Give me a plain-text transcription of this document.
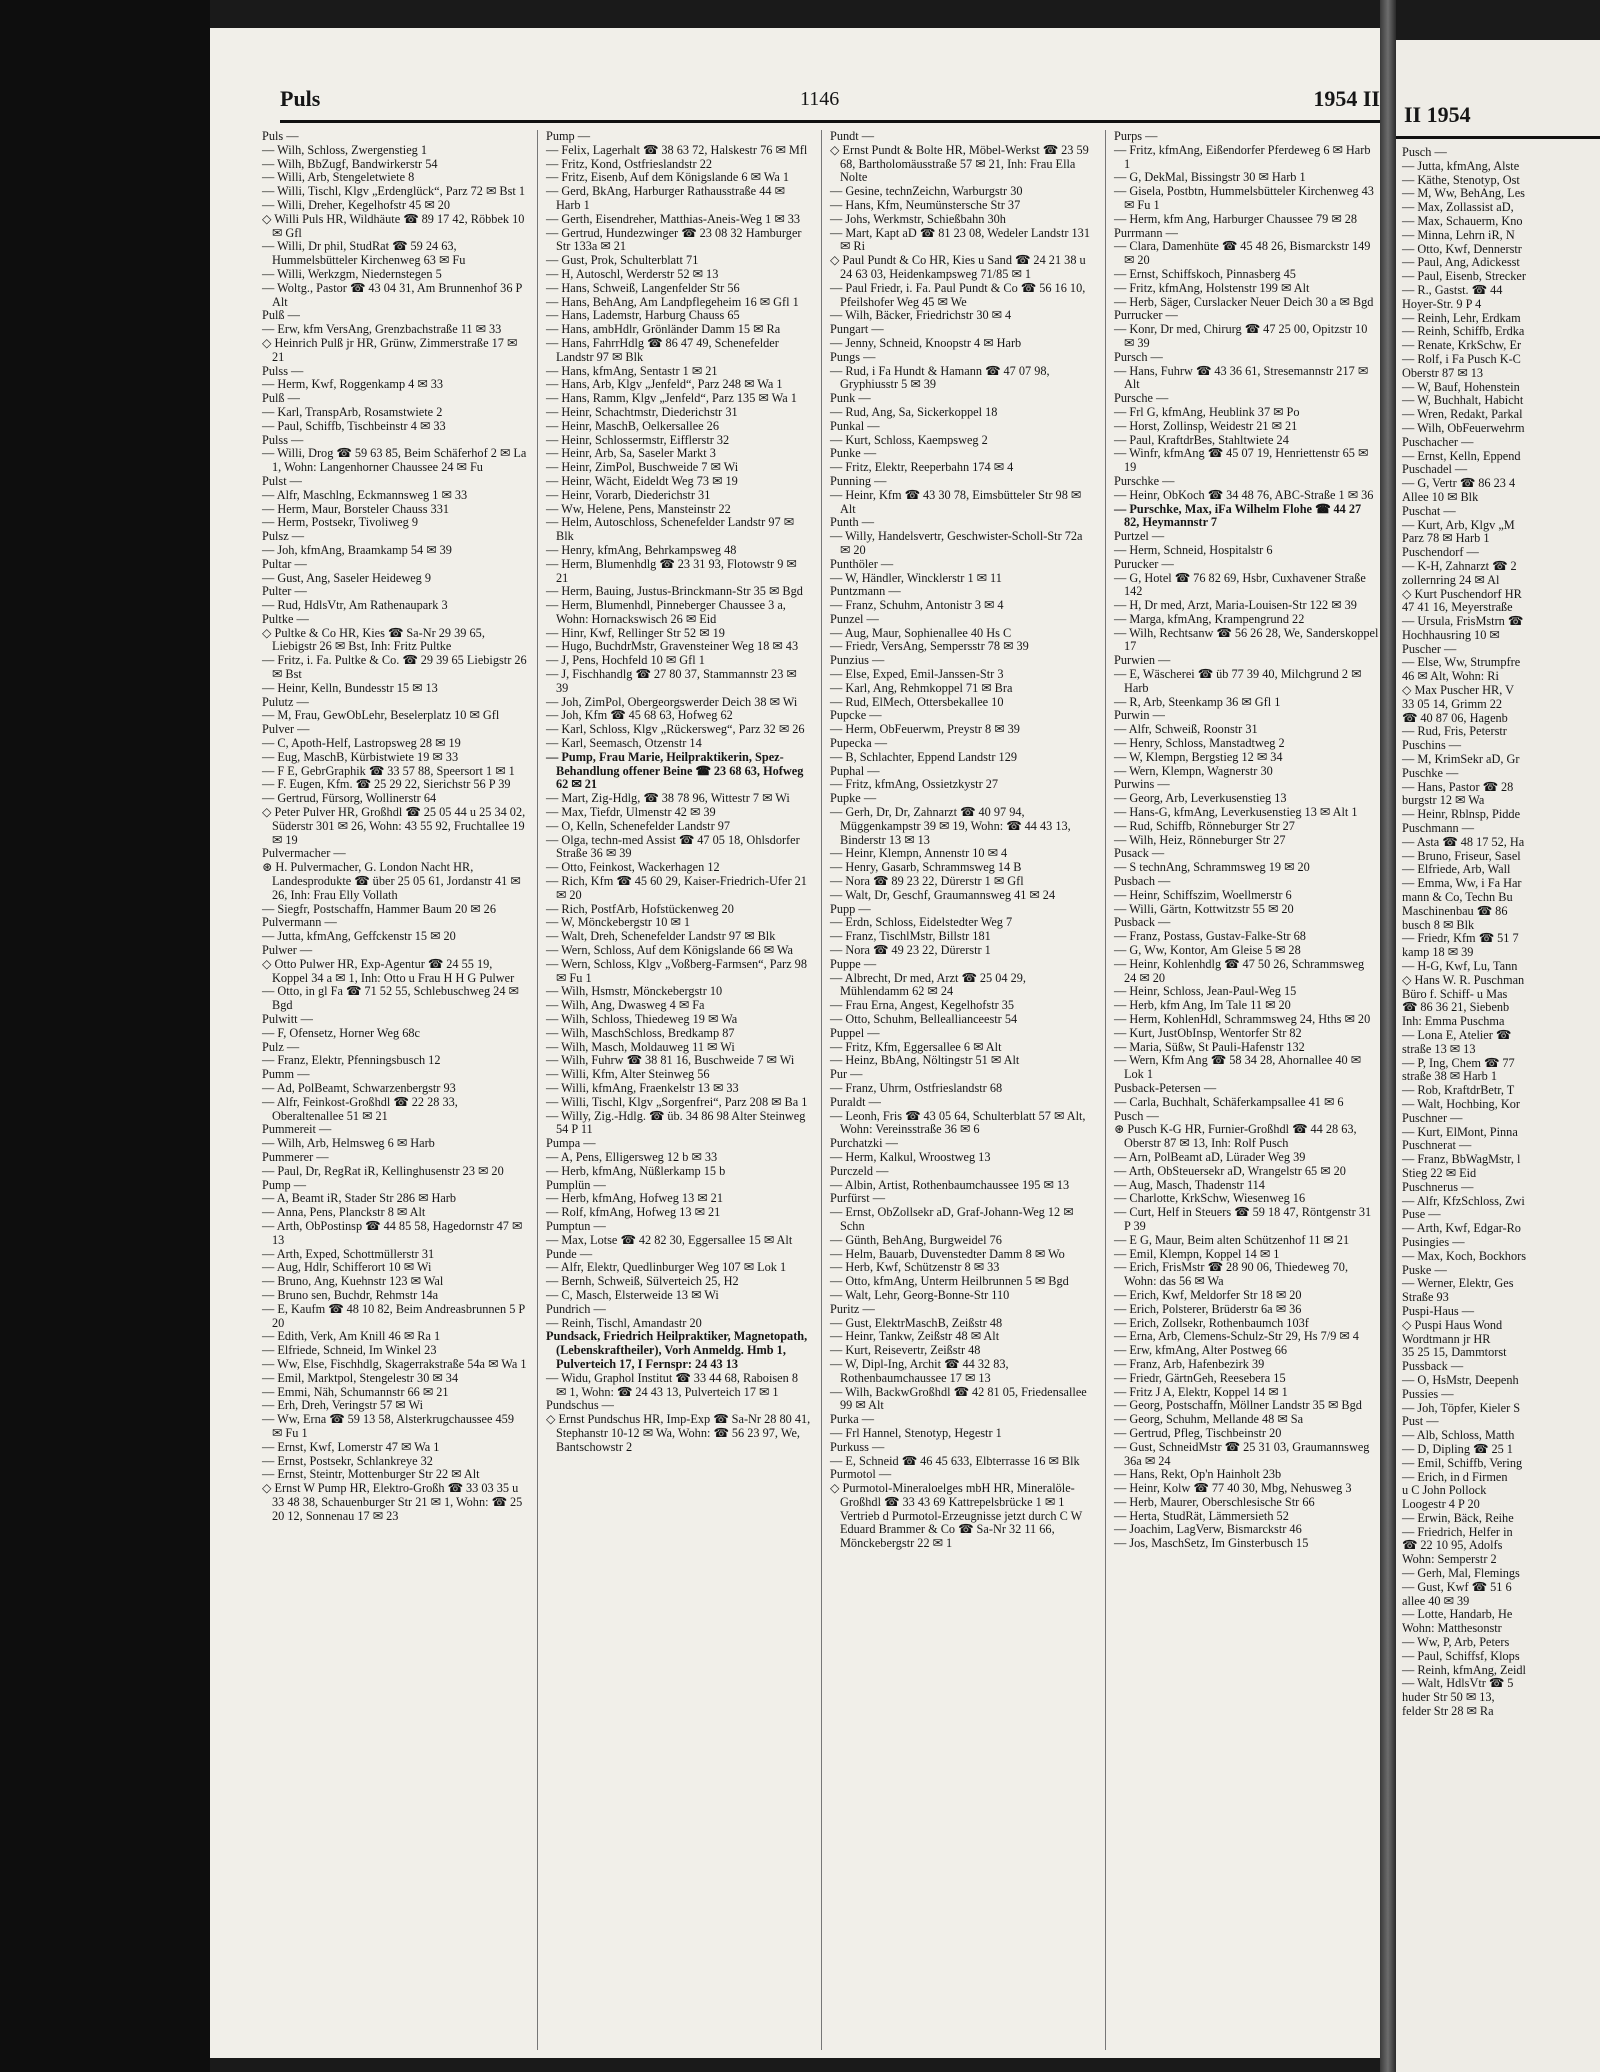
Puls	1146	1954 II

Puls —

— Wilh, Schloss, Zwergenstieg 1

— Wilh, BbZugf, Bandwirkerstr 54

— Willi, Arb, Stengeletwiete 8

— Willi, Tischl, Klgv „Erdenglück“, Parz 72 ✉ Bst 1

— Willi, Dreher, Kegelhofstr 45 ✉ 20

◇ Willi Puls HR, Wildhäute ☎ 89 17 42, Röbbek 10 ✉ Gfl

— Willi, Dr phil, StudRat ☎ 59 24 63, Hummelsbütteler Kirchenweg 63 ✉ Fu

— Willi, Werkzgm, Niedernstegen 5

— Woltg., Pastor ☎ 43 04 31, Am Brunnenhof 36 P Alt

Pulß —

— Erw, kfm VersAng, Grenzbachstraße 11 ✉ 33

◇ Heinrich Pulß jr HR, Grünw, Zimmerstraße 17 ✉ 21

Pulss —

— Herm, Kwf, Roggenkamp 4 ✉ 33

Pulß —

— Karl, TranspArb, Rosamstwiete 2

— Paul, Schiffb, Tischbeinstr 4 ✉ 33

Pulss —

— Willi, Drog ☎ 59 63 85, Beim Schäferhof 2 ✉ La 1, Wohn: Langenhorner Chaussee 24 ✉ Fu

Pulst —

— Alfr, Maschlng, Eckmannsweg 1 ✉ 33

— Herm, Maur, Borsteler Chauss 331

— Herm, Postsekr, Tivoliweg 9

Pulsz —

— Joh, kfmAng, Braamkamp 54 ✉ 39

Pultar —

— Gust, Ang, Saseler Heideweg 9

Pulter —

— Rud, HdlsVtr, Am Rathenaupark 3

Pultke —

◇ Pultke & Co HR, Kies ☎ Sa-Nr 29 39 65, Liebigstr 26 ✉ Bst, Inh: Fritz Pultke

— Fritz, i. Fa. Pultke & Co. ☎ 29 39 65 Liebigstr 26 ✉ Bst

— Heinr, Kelln, Bundesstr 15 ✉ 13

Pulutz —

— M, Frau, GewObLehr, Beselerplatz 10 ✉ Gfl

Pulver —

— C, Apoth-Helf, Lastropsweg 28 ✉ 19

— Eug, MaschB, Kürbistwiete 19 ✉ 33

— F E, GebrGraphik ☎ 33 57 88, Speersort 1 ✉ 1

— F. Eugen, Kfm. ☎ 25 29 22, Sierichstr 56 P 39

— Gertrud, Fürsorg, Wollinerstr 64

◇ Peter Pulver HR, Großhdl ☎ 25 05 44 u 25 34 02, Süderstr 301 ✉ 26, Wohn: 43 55 92, Fruchtallee 19 ✉ 19

Pulvermacher —

⊛ H. Pulvermacher, G. London Nacht HR, Landesprodukte ☎ über 25 05 61, Jordanstr 41 ✉ 26, Inh: Frau Elly Vollath

— Siegfr, Postschaffn, Hammer Baum 20 ✉ 26

Pulvermann —

— Jutta, kfmAng, Geffckenstr 15 ✉ 20

Pulwer —

◇ Otto Pulwer HR, Exp-Agentur ☎ 24 55 19, Koppel 34 a ✉ 1, Inh: Otto u Frau H H G Pulwer

— Otto, in gl Fa ☎ 71 52 55, Schlebuschweg 24 ✉ Bgd

Pulwitt —

— F, Ofensetz, Horner Weg 68c

Pulz —

— Franz, Elektr, Pfenningsbusch 12

Pumm —

— Ad, PolBeamt, Schwarzenbergstr 93

— Alfr, Feinkost-Großhdl ☎ 22 28 33, Oberaltenallee 51 ✉ 21

Pummereit —

— Wilh, Arb, Helmsweg 6 ✉ Harb

Pummerer —

— Paul, Dr, RegRat iR, Kellinghusenstr 23 ✉ 20

Pump —

— A, Beamt iR, Stader Str 286 ✉ Harb

— Anna, Pens, Planckstr 8 ✉ Alt

— Arth, ObPostinsp ☎ 44 85 58, Hagedornstr 47 ✉ 13

— Arth, Exped, Schottmüllerstr 31

— Aug, Hdlr, Schifferort 10 ✉ Wi

— Bruno, Ang, Kuehnstr 123 ✉ Wal

— Bruno sen, Buchdr, Rehmstr 14a

— E, Kaufm ☎ 48 10 82, Beim Andreasbrunnen 5 P 20

— Edith, Verk, Am Knill 46 ✉ Ra 1

— Elfriede, Schneid, Im Winkel 23

— Ww, Else, Fischhdlg, Skagerrakstraße 54a ✉ Wa 1

— Emil, Marktpol, Stengelestr 30 ✉ 34

— Emmi, Näh, Schumannstr 66 ✉ 21

— Erh, Dreh, Veringstr 57 ✉ Wi

— Ww, Erna ☎ 59 13 58, Alsterkrugchaussee 459 ✉ Fu 1

— Ernst, Kwf, Lomerstr 47 ✉ Wa 1

— Ernst, Postsekr, Schlankreye 32

— Ernst, Steintr, Mottenburger Str 22 ✉ Alt

◇ Ernst W Pump HR, Elektro-Großh ☎ 33 03 35 u 33 48 38, Schauenburger Str 21 ✉ 1, Wohn: ☎ 25 20 12, Sonnenau 17 ✉ 23

Pump —

— Felix, Lagerhalt ☎ 38 63 72, Halskestr 76 ✉ Mfl

— Fritz, Kond, Ostfrieslandstr 22

— Fritz, Eisenb, Auf dem Königslande 6 ✉ Wa 1

— Gerd, BkAng, Harburger Rathausstraße 44 ✉ Harb 1

— Gerth, Eisendreher, Matthias-Aneis-Weg 1 ✉ 33

— Gertrud, Hundezwinger ☎ 23 08 32 Hamburger Str 133a ✉ 21

— Gust, Prok, Schulterblatt 71

— H, Autoschl, Werderstr 52 ✉ 13

— Hans, Schweiß, Langenfelder Str 56

— Hans, BehAng, Am Landpflegeheim 16 ✉ Gfl 1

— Hans, Lademstr, Harburg Chauss 65

— Hans, ambHdlr, Grönländer Damm 15 ✉ Ra

— Hans, FahrrHdlg ☎ 86 47 49, Schenefelder Landstr 97 ✉ Blk

— Hans, kfmAng, Sentastr 1 ✉ 21

— Hans, Arb, Klgv „Jenfeld“, Parz 248 ✉ Wa 1

— Hans, Ramm, Klgv „Jenfeld“, Parz 135 ✉ Wa 1

— Heinr, Schachtmstr, Diederichstr 31

— Heinr, MaschB, Oelkersallee 26

— Heinr, Schlossermstr, Eifflerstr 32

— Heinr, Arb, Sa, Saseler Markt 3

— Heinr, ZimPol, Buschweide 7 ✉ Wi

— Heinr, Wächt, Eideldt Weg 73 ✉ 19

— Heinr, Vorarb, Diederichstr 31

— Ww, Helene, Pens, Mansteinstr 22

— Helm, Autoschloss, Schenefelder Landstr 97 ✉ Blk

— Henry, kfmAng, Behrkampsweg 48

— Herm, Blumenhdlg ☎ 23 31 93, Flotowstr 9 ✉ 21

— Herm, Bauing, Justus-Brinckmann-Str 35 ✉ Bgd

— Herm, Blumenhdl, Pinneberger Chaussee 3 a, Wohn: Hornackswisch 26 ✉ Eid

— Hinr, Kwf, Rellinger Str 52 ✉ 19

— Hugo, BuchdrMstr, Gravensteiner Weg 18 ✉ 43

— J, Pens, Hochfeld 10 ✉ Gfl 1

— J, Fischhandlg ☎ 27 80 37, Stammannstr 23 ✉ 39

— Joh, ZimPol, Obergeorgswerder Deich 38 ✉ Wi

— Joh, Kfm ☎ 45 68 63, Hofweg 62

— Karl, Schloss, Klgv „Rückersweg“, Parz 32 ✉ 26

— Karl, Seemasch, Otzenstr 14

— Pump, Frau Marie, Heilpraktikerin, Spez-Behandlung offener Beine ☎ 23 68 63, Hofweg 62 ✉ 21

— Mart, Zig-Hdlg, ☎ 38 78 96, Wittestr 7 ✉ Wi

— Max, Tiefdr, Ulmenstr 42 ✉ 39

— O, Kelln, Schenefelder Landstr 97

— Olga, techn-med Assist ☎ 47 05 18, Ohlsdorfer Straße 36 ✉ 39

— Otto, Feinkost, Wackerhagen 12

— Rich, Kfm ☎ 45 60 29, Kaiser-Friedrich-Ufer 21 ✉ 20

— Rich, PostfArb, Hofstückenweg 20

— W, Mönckebergstr 10 ✉ 1

— Walt, Dreh, Schenefelder Landstr 97 ✉ Blk

— Wern, Schloss, Auf dem Königslande 66 ✉ Wa

— Wern, Schloss, Klgv „Voßberg-Farmsen“, Parz 98 ✉ Fu 1

— Wilh, Hsmstr, Mönckebergstr 10

— Wilh, Ang, Dwasweg 4 ✉ Fa

— Wilh, Schloss, Thiedeweg 19 ✉ Wa

— Wilh, MaschSchloss, Bredkamp 87

— Wilh, Masch, Moldauweg 11 ✉ Wi

— Wilh, Fuhrw ☎ 38 81 16, Buschweide 7 ✉ Wi

— Willi, Kfm, Alter Steinweg 56

— Willi, kfmAng, Fraenkelstr 13 ✉ 33

— Willi, Tischl, Klgv „Sorgenfrei“, Parz 208 ✉ Ba 1

— Willy, Zig.-Hdlg. ☎ üb. 34 86 98 Alter Steinweg 54 P 11

Pumpa —

— A, Pens, Elligersweg 12 b ✉ 33

— Herb, kfmAng, Nüßlerkamp 15 b

Pumplün —

— Herb, kfmAng, Hofweg 13 ✉ 21

— Rolf, kfmAng, Hofweg 13 ✉ 21

Pumptun —

— Max, Lotse ☎ 42 82 30, Eggersallee 15 ✉ Alt

Punde —

— Alfr, Elektr, Quedlinburger Weg 107 ✉ Lok 1

— Bernh, Schweiß, Sülverteich 25, H2

— C, Masch, Elsterweide 13 ✉ Wi

Pundrich —

— Reinh, Tischl, Amandastr 20

Pundsack, Friedrich Heilpraktiker, Magnetopath, (Lebenskraftheiler), Vorh Anmeldg. Hmb 1, Pulverteich 17, I Fernspr: 24 43 13

— Widu, Graphol Institut ☎ 33 44 68, Raboisen 8 ✉ 1, Wohn: ☎ 24 43 13, Pulverteich 17 ✉ 1

Pundschus —

◇ Ernst Pundschus HR, Imp-Exp ☎ Sa-Nr 28 80 41, Stephanstr 10-12 ✉ Wa, Wohn: ☎ 56 23 97, We, Bantschowstr 2

Pundt —

◇ Ernst Pundt & Bolte HR, Möbel-Werkst ☎ 23 59 68, Bartholomäusstraße 57 ✉ 21, Inh: Frau Ella Nolte

— Gesine, technZeichn, Warburgstr 30

— Hans, Kfm, Neumünstersche Str 37

— Johs, Werkmstr, Schießbahn 30h

— Mart, Kapt aD ☎ 81 23 08, Wedeler Landstr 131 ✉ Ri

◇ Paul Pundt & Co HR, Kies u Sand ☎ 24 21 38 u 24 63 03, Heidenkampsweg 71/85 ✉ 1

— Paul Friedr, i. Fa. Paul Pundt & Co ☎ 56 16 10, Pfeilshofer Weg 45 ✉ We

— Wilh, Bäcker, Friedrichstr 30 ✉ 4

Pungart —

— Jenny, Schneid, Knoopstr 4 ✉ Harb

Pungs —

— Rud, i Fa Hundt & Hamann ☎ 47 07 98, Gryphiusstr 5 ✉ 39

Punk —

— Rud, Ang, Sa, Sickerkoppel 18

Punkal —

— Kurt, Schloss, Kaempsweg 2

Punke —

— Fritz, Elektr, Reeperbahn 174 ✉ 4

Punning —

— Heinr, Kfm ☎ 43 30 78, Eimsbütteler Str 98 ✉ Alt

Punth —

— Willy, Handelsvertr, Geschwister-Scholl-Str 72a ✉ 20

Punthöler —

— W, Händler, Wincklerstr 1 ✉ 11

Puntzmann —

— Franz, Schuhm, Antonistr 3 ✉ 4

Punzel —

— Aug, Maur, Sophienallee 40 Hs C

— Friedr, VersAng, Sempersstr 78 ✉ 39

Punzius —

— Else, Exped, Emil-Janssen-Str 3

— Karl, Ang, Rehmkoppel 71 ✉ Bra

— Rud, ElMech, Ottersbekallee 10

Pupcke —

— Herm, ObFeuerwm, Preystr 8 ✉ 39

Pupecka —

— B, Schlachter, Eppend Landstr 129

Puphal —

— Fritz, kfmAng, Ossietzkystr 27

Pupke —

— Gerh, Dr, Dr, Zahnarzt ☎ 40 97 94, Müggenkampstr 39 ✉ 19, Wohn: ☎ 44 43 13, Binderstr 13 ✉ 13

— Heinr, Klempn, Annenstr 10 ✉ 4

— Henry, Gasarb, Schrammsweg 14 B

— Nora ☎ 89 23 22, Dürerstr 1 ✉ Gfl

— Walt, Dr, Geschf, Graumannsweg 41 ✉ 24

Pupp —

— Erdn, Schloss, Eidelstedter Weg 7

— Franz, TischlMstr, Billstr 181

— Nora ☎ 49 23 22, Dürerstr 1

Puppe —

— Albrecht, Dr med, Arzt ☎ 25 04 29, Mühlendamm 62 ✉ 24

— Frau Erna, Angest, Kegelhofstr 35

— Otto, Schuhm, Belleallianceestr 54

Puppel —

— Fritz, Kfm, Eggersallee 6 ✉ Alt

— Heinz, BbAng, Nöltingstr 51 ✉ Alt

Pur —

— Franz, Uhrm, Ostfrieslandstr 68

Puraldt —

— Leonh, Fris ☎ 43 05 64, Schulterblatt 57 ✉ Alt, Wohn: Vereinsstraße 36 ✉ 6

Purchatzki —

— Herm, Kalkul, Wroostweg 13

Purczeld —

— Albin, Artist, Rothenbaumchaussee 195 ✉ 13

Purfürst —

— Ernst, ObZollsekr aD, Graf-Johann-Weg 12 ✉ Schn

— Günth, BehAng, Burgweidel 76

— Helm, Bauarb, Duvenstedter Damm 8 ✉ Wo

— Herb, Kwf, Schützenstr 8 ✉ 33

— Otto, kfmAng, Unterm Heilbrunnen 5 ✉ Bgd

— Walt, Lehr, Georg-Bonne-Str 110

Puritz —

— Gust, ElektrMaschB, Zeißstr 48

— Heinr, Tankw, Zeißstr 48 ✉ Alt

— Kurt, Reisevertr, Zeißstr 48

— W, Dipl-Ing, Archit ☎ 44 32 83, Rothenbaumchaussee 17 ✉ 13

— Wilh, BackwGroßhdl ☎ 42 81 05, Friedensallee 99 ✉ Alt

Purka —

— Frl Hannel, Stenotyp, Hegestr 1

Purkuss —

— E, Schneid ☎ 46 45 633, Elbterrasse 16 ✉ Blk

Purmotol —

◇ Purmotol-Mineraloelges mbH HR, Mineralöle-Großhdl ☎ 33 43 69 Kattrepelsbrücke 1 ✉ 1 Vertrieb d Purmotol-Erzeugnisse jetzt durch C W Eduard Brammer & Co ☎ Sa-Nr 32 11 66, Mönckebergstr 22 ✉ 1

Purps —

— Fritz, kfmAng, Eißendorfer Pferdeweg 6 ✉ Harb 1

— G, DekMal, Bissingstr 30 ✉ Harb 1

— Gisela, Postbtn, Hummelsbütteler Kirchenweg 43 ✉ Fu 1

— Herm, kfm Ang, Harburger Chaussee 79 ✉ 28

Purrmann —

— Clara, Damenhüte ☎ 45 48 26, Bismarckstr 149 ✉ 20

— Ernst, Schiffskoch, Pinnasberg 45

— Fritz, kfmAng, Holstenstr 199 ✉ Alt

— Herb, Säger, Curslacker Neuer Deich 30 a ✉ Bgd

Purrucker —

— Konr, Dr med, Chirurg ☎ 47 25 00, Opitzstr 10 ✉ 39

Pursch —

— Hans, Fuhrw ☎ 43 36 61, Stresemannstr 217 ✉ Alt

Pursche —

— Frl G, kfmAng, Heublink 37 ✉ Po

— Horst, Zollinsp, Weidestr 21 ✉ 21

— Paul, KraftdrBes, Stahltwiete 24

— Winfr, kfmAng ☎ 45 07 19, Henriettenstr 65 ✉ 19

Purschke —

— Heinr, ObKoch ☎ 34 48 76, ABC-Straße 1 ✉ 36

— Purschke, Max, iFa Wilhelm Flohe ☎ 44 27 82, Heymannstr 7

Purtzel —

— Herm, Schneid, Hospitalstr 6

Purucker —

— G, Hotel ☎ 76 82 69, Hsbr, Cuxhavener Straße 142

— H, Dr med, Arzt, Maria-Louisen-Str 122 ✉ 39

— Marga, kfmAng, Krampengrund 22

— Wilh, Rechtsanw ☎ 56 26 28, We, Sanderskoppel 17

Purwien —

— E, Wäscherei ☎ üb 77 39 40, Milchgrund 2 ✉ Harb

— R, Arb, Steenkamp 36 ✉ Gfl 1

Purwin —

— Alfr, Schweiß, Roonstr 31

— Henry, Schloss, Manstadtweg 2

— W, Klempn, Bergstieg 12 ✉ 34

— Wern, Klempn, Wagnerstr 30

Purwins —

— Georg, Arb, Leverkusenstieg 13

— Hans-G, kfmAng, Leverkusenstieg 13 ✉ Alt 1

— Rud, Schiffb, Rönneburger Str 27

— Wilh, Heiz, Rönneburger Str 27

Pusack —

— S technAng, Schrammsweg 19 ✉ 20

Pusbach —

— Heinr, Schiffszim, Woellmerstr 6

— Willi, Gärtn, Kottwitzstr 55 ✉ 20

Pusback —

— Franz, Postass, Gustav-Falke-Str 68

— G, Ww, Kontor, Am Gleise 5 ✉ 28

— Heinr, Kohlenhdlg ☎ 47 50 26, Schrammsweg 24 ✉ 20

— Heinr, Schloss, Jean-Paul-Weg 15

— Herb, kfm Ang, Im Tale 11 ✉ 20

— Herm, KohlenHdl, Schrammsweg 24, Hths ✉ 20

— Kurt, JustObInsp, Wentorfer Str 82

— Maria, Süßw, St Pauli-Hafenstr 132

— Wern, Kfm Ang ☎ 58 34 28, Ahornallee 40 ✉ Lok 1

Pusback-Petersen —

— Carla, Buchhalt, Schäferkampsallee 41 ✉ 6

Pusch —

⊛ Pusch K-G HR, Furnier-Großhdl ☎ 44 28 63, Oberstr 87 ✉ 13, Inh: Rolf Pusch

— Arn, PolBeamt aD, Lürader Weg 39

— Arth, ObSteuersekr aD, Wrangelstr 65 ✉ 20

— Aug, Masch, Thadenstr 114

— Charlotte, KrkSchw, Wiesenweg 16

— Curt, Helf in Steuers ☎ 59 18 47, Röntgenstr 31 P 39

— E G, Maur, Beim alten Schützenhof 11 ✉ 21

— Emil, Klempn, Koppel 14 ✉ 1

— Erich, FrisMstr ☎ 28 90 06, Thiedeweg 70, Wohn: das 56 ✉ Wa

— Erich, Kwf, Meldorfer Str 18 ✉ 20

— Erich, Polsterer, Brüderstr 6a ✉ 36

— Erich, Zollsekr, Rothenbaumch 103f

— Erna, Arb, Clemens-Schulz-Str 29, Hs 7/9 ✉ 4

— Erw, kfmAng, Alter Postweg 66

— Franz, Arb, Hafenbezirk 39

— Friedr, GärtnGeh, Reesebera 15

— Fritz J A, Elektr, Koppel 14 ✉ 1

— Georg, Postschaffn, Möllner Landstr 35 ✉ Bgd

— Georg, Schuhm, Mellande 48 ✉ Sa

— Gertrud, Pfleg, Tischbeinstr 20

— Gust, SchneidMstr ☎ 25 31 03, Graumannsweg 36a ✉ 24

— Hans, Rekt, Op'n Hainholt 23b

— Heinr, Kolw ☎ 77 40 30, Mbg, Nehusweg 3

— Herb, Maurer, Oberschlesische Str 66

— Herta, StudRät, Lämmersieth 52

— Joachim, LagVerw, Bismarckstr 46

— Jos, MaschSetz, Im Ginsterbusch 15

II 1954
Pusch —
— Jutta, kfmAng, Alste
— Käthe, Stenotyp, Ost
— M, Ww, BehAng, Les
— Max, Zollassist aD,
— Max, Schauerm, Kno
— Minna, Lehrn iR, N
— Otto, Kwf, Dennerstr
— Paul, Ang, Adickesst
— Paul, Eisenb, Strecker
— R., Gastst. ☎ 44
Hoyer-Str. 9 P 4
— Reinh, Lehr, Erdkam
— Reinh, Schiffb, Erdka
— Renate, KrkSchw, Er
— Rolf, i Fa Pusch K-C
Oberstr 87 ✉ 13
— W, Bauf, Hohenstein
— W, Buchhalt, Habicht
— Wren, Redakt, Parkal
— Wilh, ObFeuerwehrm
Puschacher —
— Ernst, Kelln, Eppend
Puschadel —
— G, Vertr ☎ 86 23 4
Allee 10 ✉ Blk
Puschat —
— Kurt, Arb, Klgv „M
Parz 78 ✉ Harb 1
Puschendorf —
— K-H, Zahnarzt ☎ 2
zollernring 24 ✉ Al
◇ Kurt Puschendorf HR
47 41 16, Meyerstraße
— Ursula, FrisMstrn ☎
Hochhausring 10 ✉
Puscher —
— Else, Ww, Strumpfre
46 ✉ Alt, Wohn: Ri
◇ Max Puscher HR, V
33 05 14, Grimm 22
☎ 40 87 06, Hagenb
— Rud, Fris, Peterstr
Puschins —
— M, KrimSekr aD, Gr
Puschke —
— Hans, Pastor ☎ 28
burgstr 12 ✉ Wa
— Heinr, Rblnsp, Pidde
Puschmann —
— Asta ☎ 48 17 52, Ha
— Bruno, Friseur, Sasel
— Elfriede, Arb, Wall
— Emma, Ww, i Fa Har
mann & Co, Techn Bu
Maschinenbau ☎ 86
busch 8 ✉ Blk
— Friedr, Kfm ☎ 51 7
kamp 18 ✉ 39
— H-G, Kwf, Lu, Tann
◇ Hans W. R. Puschman
Büro f. Schiff- u Mas
☎ 86 36 21, Siebenb
Inh: Emma Puschma
— Lona E, Atelier ☎
straße 13 ✉ 13
— P, Ing, Chem ☎ 77
straße 38 ✉ Harb 1
— Rob, KraftdrBetr, T
— Walt, Hochbing, Kor
Puschner —
— Kurt, ElMont, Pinna
Puschnerat —
— Franz, BbWagMstr, l
Stieg 22 ✉ Eid
Puschnerus —
— Alfr, KfzSchloss, Zwi
Puse —
— Arth, Kwf, Edgar-Ro
Pusingies —
— Max, Koch, Bockhors
Puske —
— Werner, Elektr, Ges
Straße 93
Puspi-Haus —
◇ Puspi Haus Wond
Wordtmann jr HR
35 25 15, Dammtorst
Pussback —
— O, HsMstr, Deepenh
Pussies —
— Joh, Töpfer, Kieler S
Pust —
— Alb, Schloss, Matth
— D, Dipling ☎ 25 1
— Emil, Schiffb, Vering
— Erich, in d Firmen
u C John Pollock
Loogestr 4 P 20
— Erwin, Bäck, Reihe
— Friedrich, Helfer in
☎ 22 10 95, Adolfs
Wohn: Semperstr 2
— Gerh, Mal, Flemings
— Gust, Kwf ☎ 51 6
allee 40 ✉ 39
— Lotte, Handarb, He
Wohn: Matthesonstr
— Ww, P, Arb, Peters
— Paul, Schiffsf, Klops
— Reinh, kfmAng, Zeidl
— Walt, HdlsVtr ☎ 5
huder Str 50 ✉ 13,
felder Str 28 ✉ Ra
